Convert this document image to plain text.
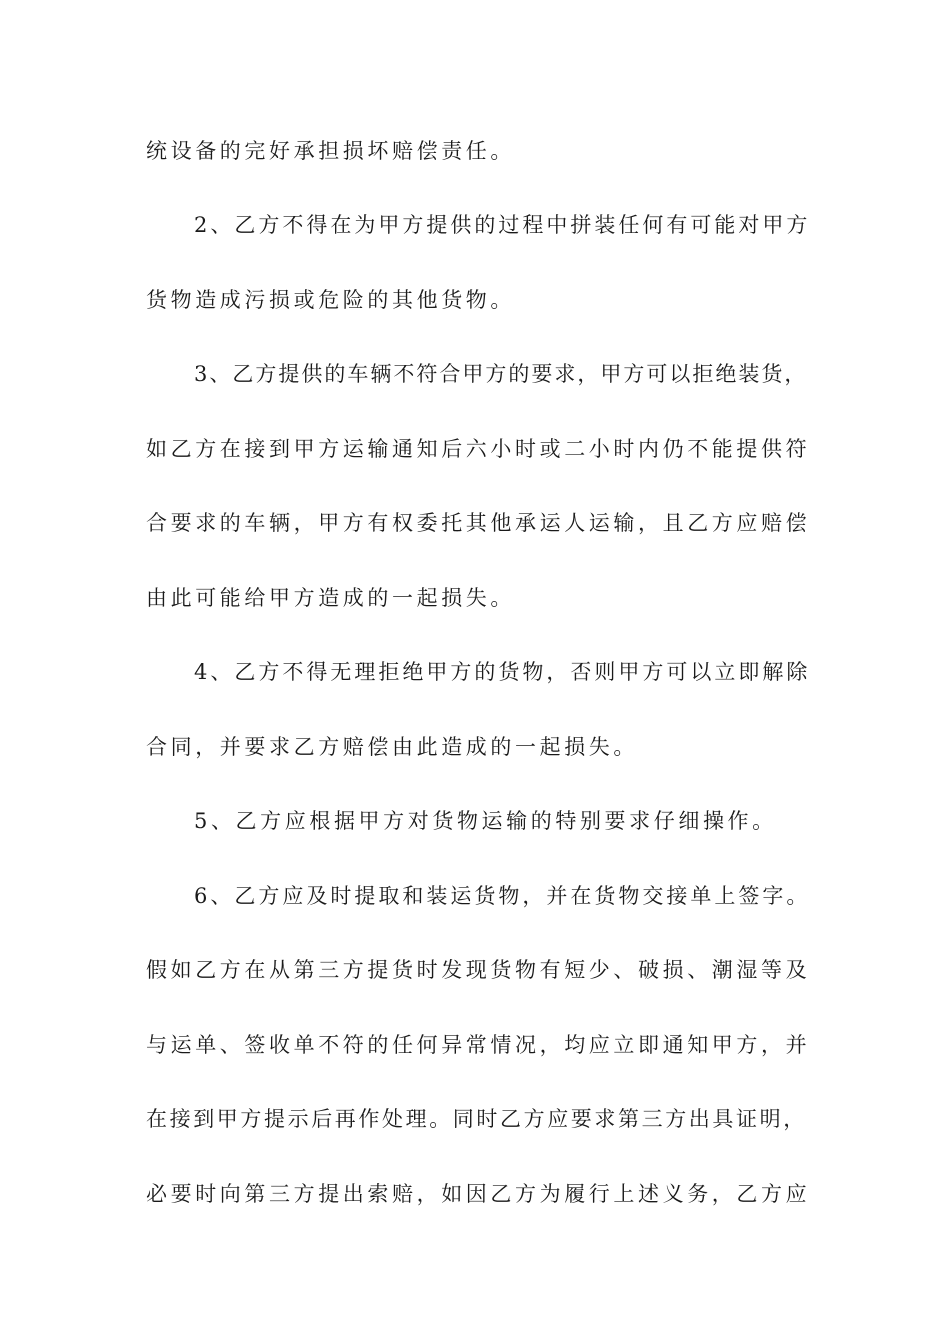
统设备的完好承担损坏赔偿责任。
2、乙方不得在为甲方提供的过程中拼装任何有可能对甲方
货物造成污损或危险的其他货物。
3、乙方提供的车辆不符合甲方的要求，甲方可以拒绝装货，
如乙方在接到甲方运输通知后六小时或二小时内仍不能提供符
合要求的车辆，甲方有权委托其他承运人运输，且乙方应赔偿
由此可能给甲方造成的一起损失。
4、乙方不得无理拒绝甲方的货物，否则甲方可以立即解除
合同，并要求乙方赔偿由此造成的一起损失。
5、乙方应根据甲方对货物运输的特别要求仔细操作。
6、乙方应及时提取和装运货物，并在货物交接单上签字。
假如乙方在从第三方提货时发现货物有短少、破损、潮湿等及
与运单、签收单不符的任何异常情况，均应立即通知甲方，并
在接到甲方提示后再作处理。同时乙方应要求第三方出具证明，
必要时向第三方提出索赔，如因乙方为履行上述义务，乙方应
